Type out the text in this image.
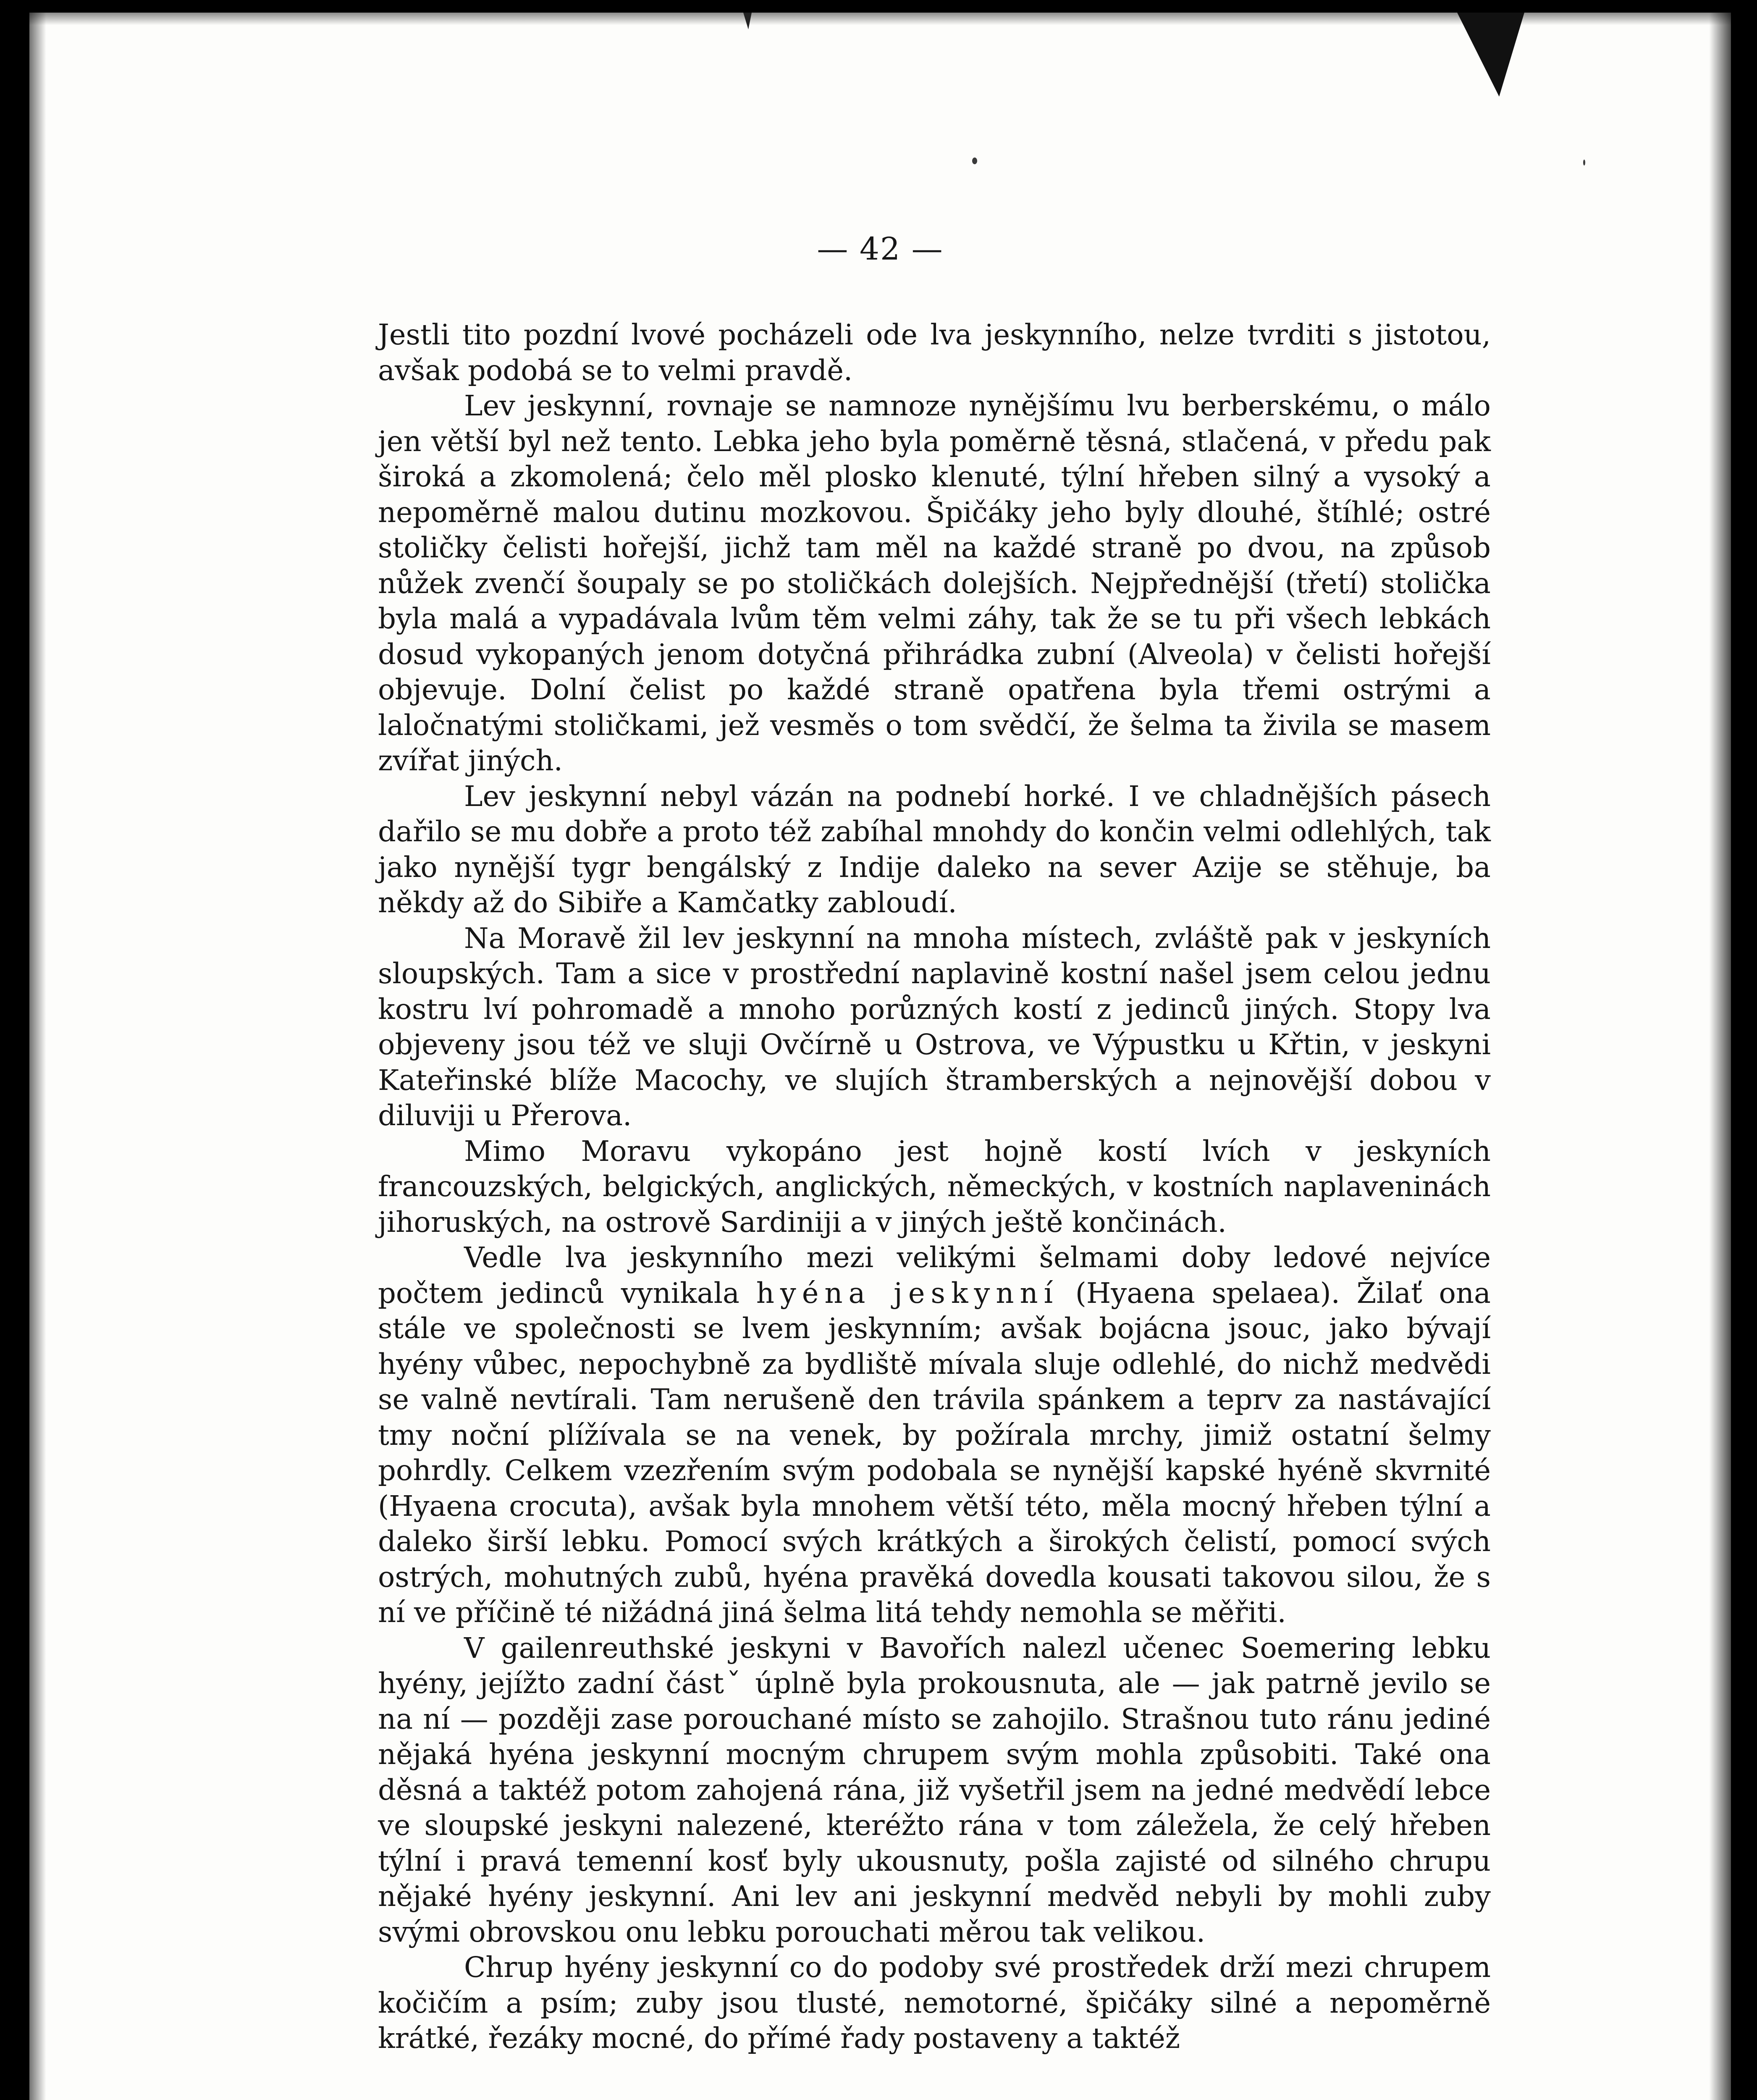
— 42 —

Jestli tito pozdní lvové pocházeli ode lva jeskynního, nelze tvrditi s jistotou, avšak podobá se to velmi pravdě.

Lev jeskynní, rovnaje se namnoze nynějšímu lvu berberskému, o málo jen větší byl než tento. Lebka jeho byla poměrně těsná, stlačená, v předu pak široká a zkomolená; čelo měl plosko klenuté, týlní hřeben silný a vysoký a nepoměrně malou dutinu mozkovou. Špičáky jeho byly dlouhé, štíhlé; ostré stoličky čelisti hořejší, jichž tam měl na každé straně po dvou, na způsob nůžek zvenčí šoupaly se po stoličkách dolejších. Nejpřednější (třetí) stolička byla malá a vypadávala lvům těm velmi záhy, tak že se tu při všech lebkách dosud vykopaných jenom dotyčná přihrádka zubní (Alveola) v čelisti hořejší objevuje. Dolní čelist po každé straně opatřena byla třemi ostrými a laločnatými stoličkami, jež vesměs o tom svědčí, že šelma ta živila se masem zvířat jiných.

Lev jeskynní nebyl vázán na podnebí horké. I ve chladnějších pásech dařilo se mu dobře a proto též zabíhal mnohdy do končin velmi odlehlých, tak jako nynější tygr bengálský z Indije daleko na sever Azije se stěhuje, ba někdy až do Sibiře a Kamčatky zabloudí.

Na Moravě žil lev jeskynní na mnoha místech, zvláště pak v jeskyních sloupských. Tam a sice v prostřední naplavině kostní našel jsem celou jednu kostru lví pohromadě a mnoho porůzných kostí z jedinců jiných. Stopy lva objeveny jsou též ve sluji Ovčírně u Ostrova, ve Výpustku u Křtin, v jeskyni Kateřinské blíže Macochy, ve slujích štramberských a nejnovější dobou v diluviji u Přerova.

Mimo Moravu vykopáno jest hojně kostí lvích v jeskyních francouzských, belgických, anglických, německých, v kostních naplaveninách jihoruských, na ostrově Sardiniji a v jiných ještě končinách.

Vedle lva jeskynního mezi velikými šelmami doby ledové nejvíce počtem jedinců vynikala hyéna jeskynní (Hyaena spelaea). Žilať ona stále ve společnosti se lvem jeskynním; avšak bojácna jsouc, jako bývají hyény vůbec, nepochybně za bydliště mívala sluje odlehlé, do nichž medvědi se valně nevtírali. Tam nerušeně den trávila spánkem a teprv za nastávající tmy noční plížívala se na venek, by požírala mrchy, jimiž ostatní šelmy pohrdly. Celkem vzezřením svým podobala se nynější kapské hyéně skvrnité (Hyaena crocuta), avšak byla mnohem větší této, měla mocný hřeben týlní a daleko širší lebku. Pomocí svých krátkých a širokých čelistí, pomocí svých ostrých, mohutných zubů, hyéna pravěká dovedla kousati takovou silou, že s ní ve příčině té nižádná jiná šelma litá tehdy nemohla se měřiti.

V gailenreuthské jeskyni v Bavořích nalezl učenec Soemering lebku hyény, jejížto zadní částˇ úplně byla prokousnuta, ale — jak patrně jevilo se na ní — později zase porouchané místo se zahojilo. Strašnou tuto ránu jediné nějaká hyéna jeskynní mocným chrupem svým mohla způsobiti. Také ona děsná a taktéž potom zahojená rána, již vyšetřil jsem na jedné medvědí lebce ve sloupské jeskyni nalezené, kteréžto rána v tom záleželа, že celý hřeben týlní i pravá temenní kosť byly ukousnuty, pošla zajisté od silného chrupu nějaké hyény jeskynní. Ani lev ani jeskynní medvěd nebyli by mohli zuby svými obrovskou onu lebku porouchati měrou tak velikou.

Chrup hyény jeskynní co do podoby své prostředek drží mezi chrupem kočičím a psím; zuby jsou tlusté, nemotorné, špičáky silné a nepoměrně krátké, řezáky mocné, do přímé řady postaveny a taktéž
